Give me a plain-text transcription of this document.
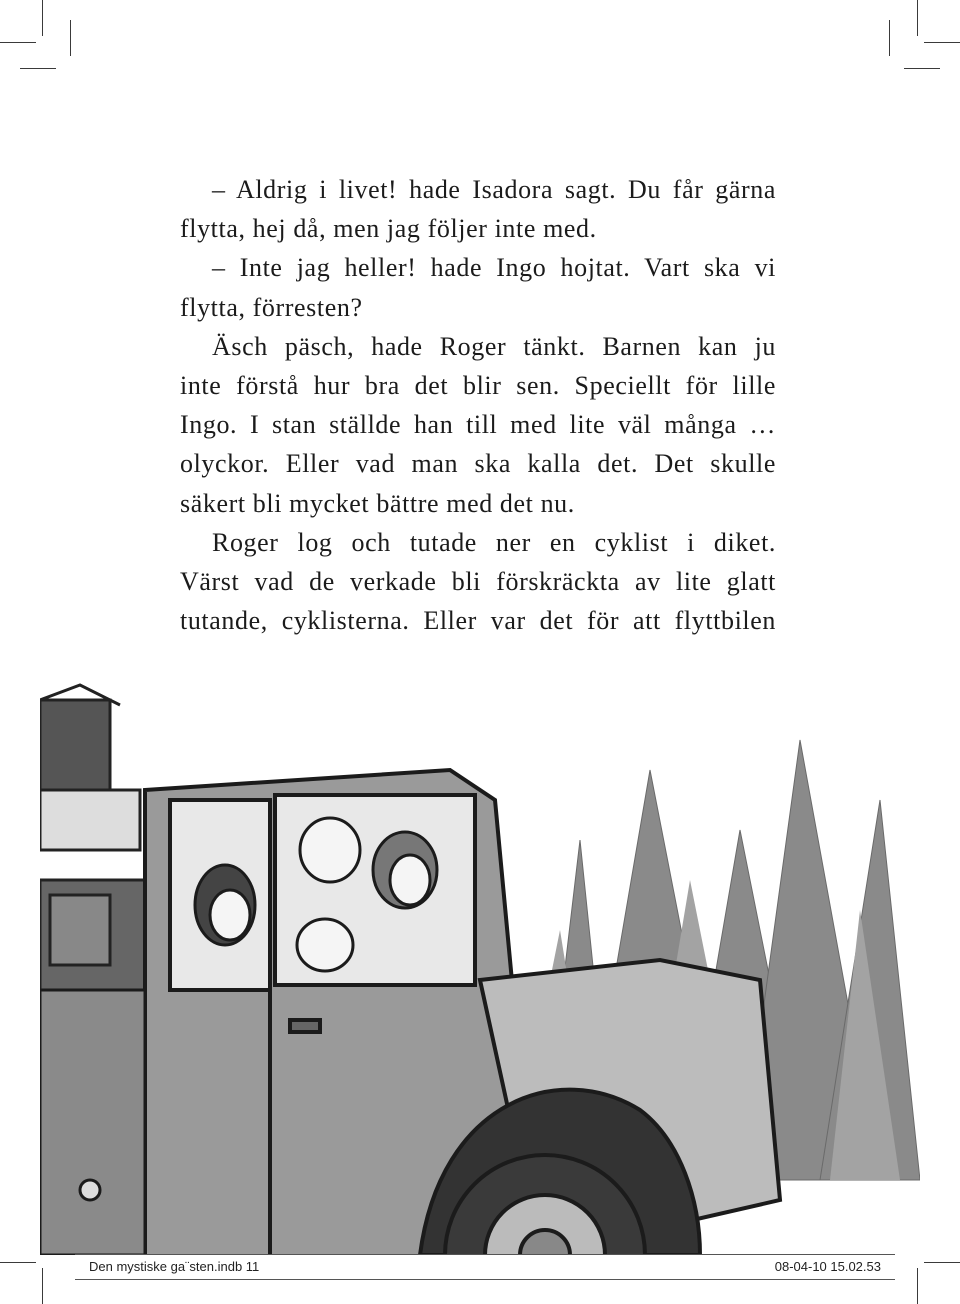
– Aldrig i livet! hade Isadora sagt. Du får gärna
flytta, hej då, men jag följer inte med.
– Inte jag heller! hade Ingo hojtat. Vart ska vi
flytta, förresten?
Äsch päsch, hade Roger tänkt. Barnen kan ju
inte förstå hur bra det blir sen. Speciellt för lille
Ingo. I stan ställde han till med lite väl många …
olyckor. Eller vad man ska kalla det. Det skulle
säkert bli mycket bättre med det nu.
Roger log och tutade ner en cyklist i diket.
Värst vad de verkade bli förskräckta av lite glatt
tutande, cyklisterna. Eller var det för att flyttbilen
Den mystiske ga¨sten.indb 11	08-04-10 15.02.53
